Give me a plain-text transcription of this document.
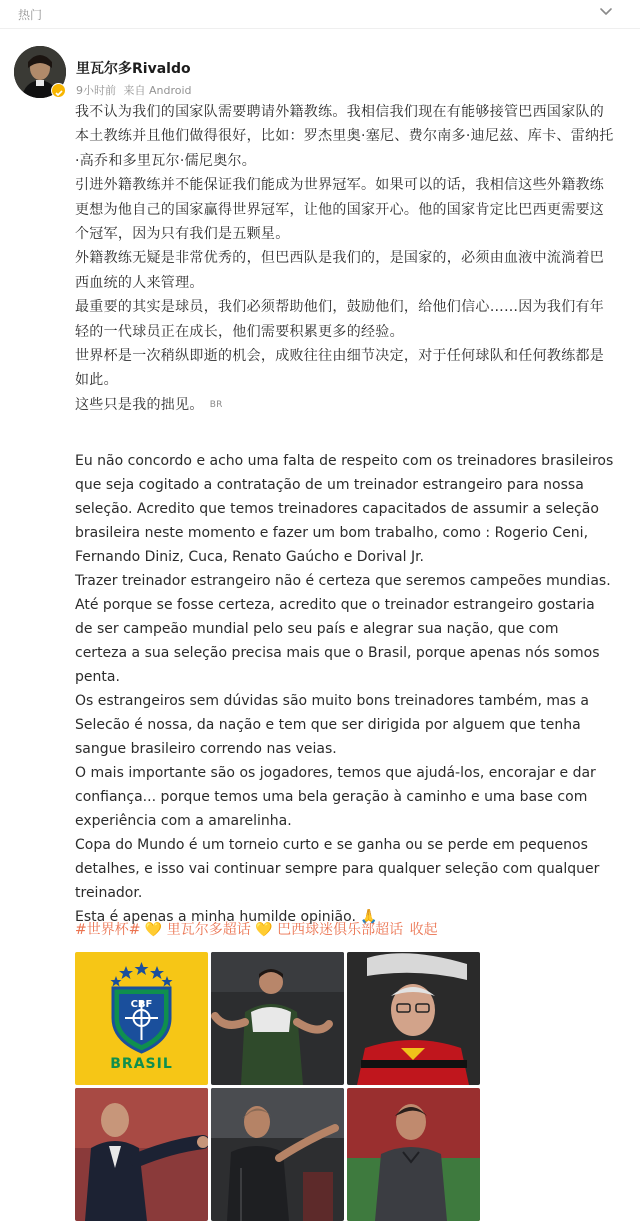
热门
里瓦尔多Rivaldo
9小时前 来自 Android

我不认为我们的国家队需要聘请外籍教练。我相信我们现在有能够接管巴西国家队的本土教练并且他们做得很好，比如：罗杰里奥·塞尼、费尔南多·迪尼兹、库卡、雷纳托·高乔和多里瓦尔·儒尼奥尔。

引进外籍教练并不能保证我们能成为世界冠军。如果可以的话，我相信这些外籍教练更想为他自己的国家赢得世界冠军，让他的国家开心。他的国家肯定比巴西更需要这个冠军，因为只有我们是五颗星。

外籍教练无疑是非常优秀的，但巴西队是我们的，是国家的，必须由血液中流淌着巴西血统的人来管理。

最重要的其实是球员，我们必须帮助他们，鼓励他们，给他们信心……因为我们有年轻的一代球员正在成长，他们需要积累更多的经验。

世界杯是一次稍纵即逝的机会，成败往往由细节决定，对于任何球队和任何教练都是如此。

这些只是我的拙见。 BR

Eu não concordo e acho uma falta de respeito com os treinadores brasileiros que seja cogitado a contratação de um treinador estrangeiro para nossa seleção. Acredito que temos treinadores capacitados de assumir a seleção brasileira neste momento e fazer um bom trabalho, como : Rogerio Ceni, Fernando Diniz, Cuca, Renato Gaúcho e Dorival Jr.

Trazer treinador estrangeiro não é certeza que seremos campeões mundias. Até porque se fosse certeza, acredito que o treinador estrangeiro gostaria de ser campeão mundial pelo seu país e alegrar sua nação, que com certeza a sua seleção precisa mais que o Brasil, porque apenas nós somos penta.

Os estrangeiros sem dúvidas são muito bons treinadores também, mas a Selecão é nossa, da nação e tem que ser dirigida por alguem que tenha sangue brasileiro correndo nas veias.

O mais importante são os jogadores, temos que ajudá-los, encorajar e dar confiança... porque temos uma bela geração à caminho e uma base com experiência com a amarelinha.

Copa do Mundo é um torneio curto e se ganha ou se perde em pequenos detalhes, e isso vai continuar sempre para qualquer seleção com qualquer treinador.

Esta é apenas a minha humilde opinião. 🙏

#世界杯# 💛 里瓦尔多超话 💛 巴西球迷俱乐部超话 收起
CBF
BRASIL
